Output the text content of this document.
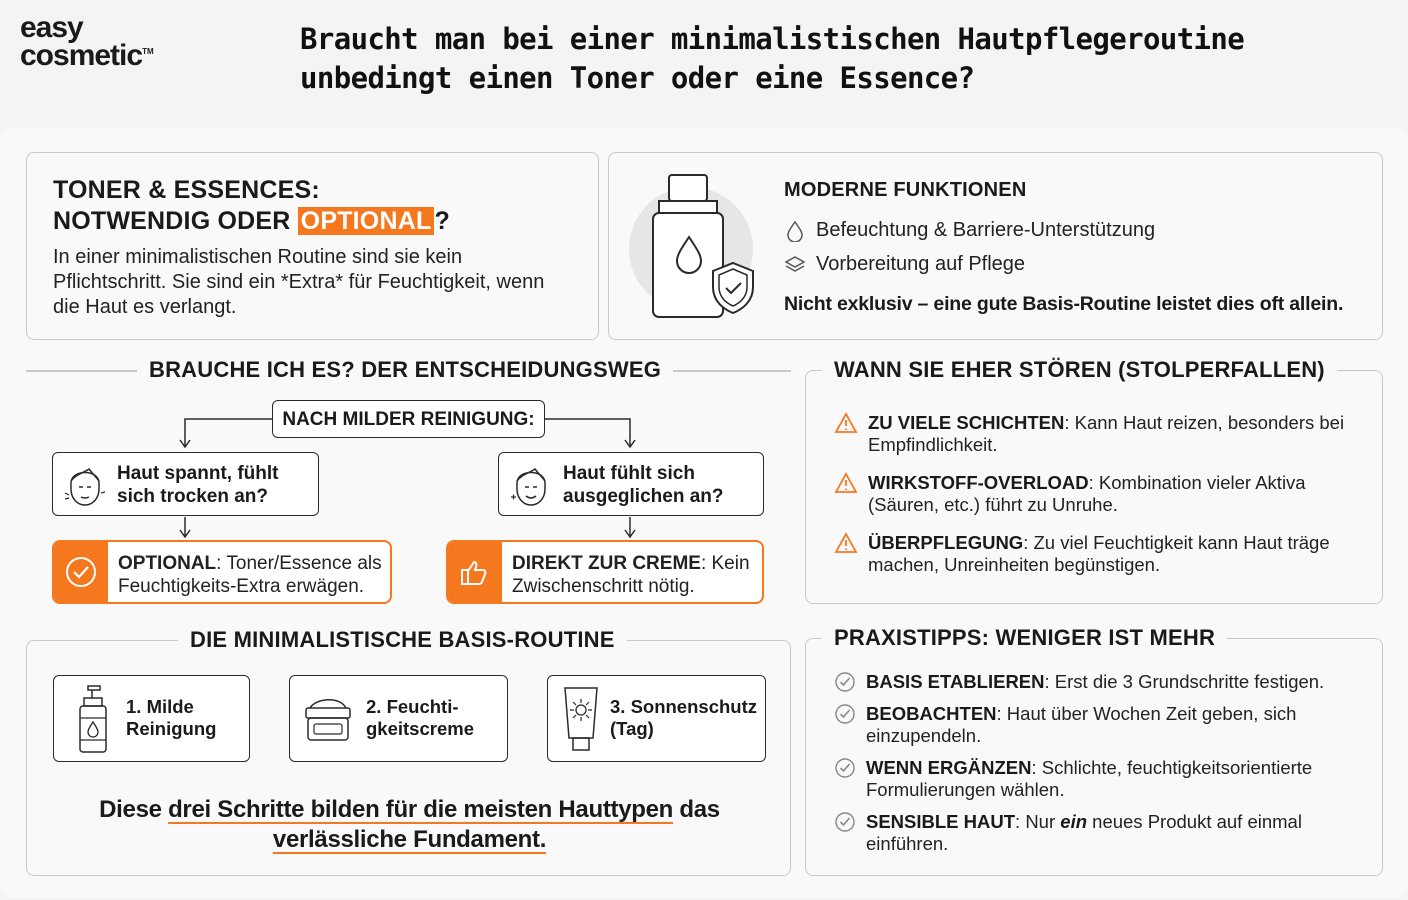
easy
cosmetic™	Braucht man bei einer minimalistischen Hautpflegeroutine unbedingt einen Toner oder eine Essence?
TONER & ESSENCES:
NOTWENDIG ODER OPTIONAL ?

In einer minimalistischen Routine sind sie kein Pflichtschritt. Sie sind ein *Extra* für Feuchtigkeit, wenn die Haut es verlangt.

MODERNE FUNKTIONEN
Befeuchtung & Barriere-Unterstützung
Vorbereitung auf Pflege
Nicht exklusiv – eine gute Basis-Routine leistet dies oft allein.
BRAUCHE ICH ES? DER ENTSCHEIDUNGSWEG
NACH MILDER REINIGUNG:
Haut spannt, fühlt
sich trocken an?
Haut fühlt sich
ausgeglichen an?
OPTIONAL: Toner/Essence als
Feuchtigkeits-Extra erwägen.
DIREKT ZUR CREME: Kein
Zwischenschritt nötig.
ZU VIELE SCHICHTEN: Kann Haut reizen, besonders bei Empfindlichkeit.
WIRKSTOFF-OVERLOAD: Kombination vieler Aktiva (Säuren, etc.) führt zu Unruhe.
ÜBERPFLEGUNG: Zu viel Feuchtigkeit kann Haut träge machen, Unreinheiten begünstigen.
WANN SIE EHER STÖREN (STOLPERFALLEN)
1. Milde
Reinigung
2. Feuchti-
gkeitscreme
3. Sonnenschutz
(Tag)
Diese drei Schritte bilden für die meisten Hauttypen das
verlässliche Fundament.
DIE MINIMALISTISCHE BASIS-ROUTINE
BASIS ETABLIEREN: Erst die 3 Grundschritte festigen.
BEOBACHTEN: Haut über Wochen Zeit geben, sich einzupendeln.
WENN ERGÄNZEN: Schlichte, feuchtigkeitsorientierte Formulierungen wählen.
SENSIBLE HAUT: Nur ein neues Produkt auf einmal einführen.
PRAXISTIPPS: WENIGER IST MEHR
